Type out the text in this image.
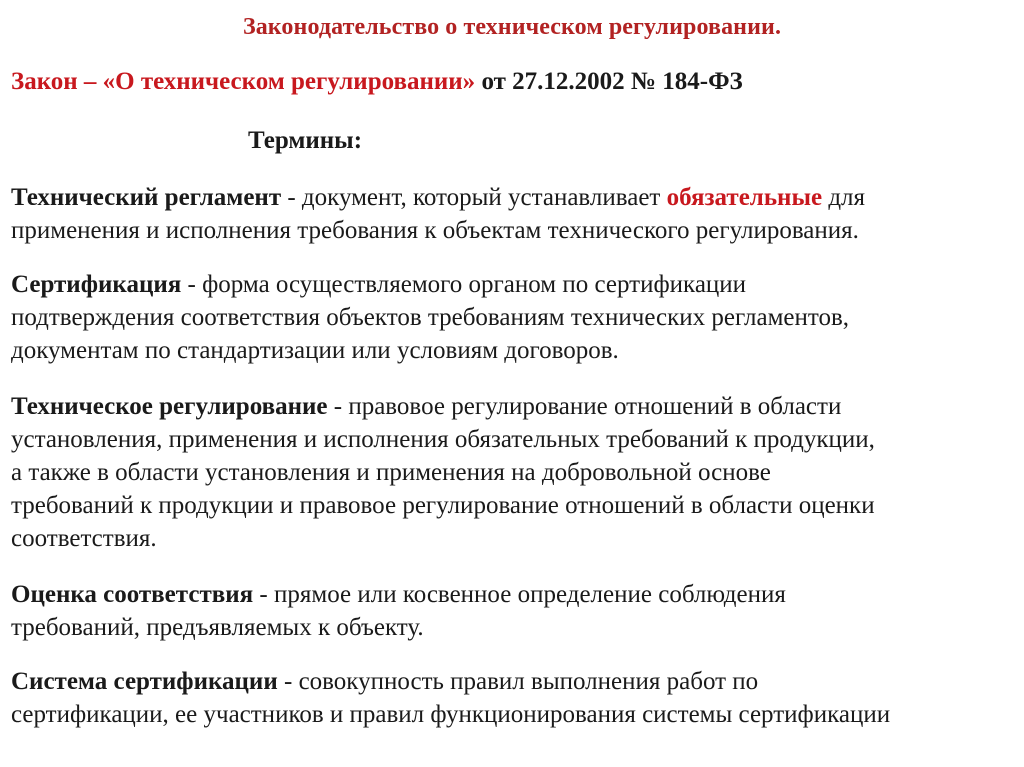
Законодательство о техническом регулировании.
Закон – «О техническом регулировании» от 27.12.2002 № 184-ФЗ
Термины:
Технический регламент - документ, который устанавливает обязательные для
применения и исполнения требования к объектам технического регулирования.
Сертификация - форма осуществляемого органом по сертификации
подтверждения соответствия объектов требованиям технических регламентов,
документам по стандартизации или условиям договоров.
Техническое регулирование - правовое регулирование отношений в области
установления, применения и исполнения обязательных требований к продукции,
а также в области установления и применения на добровольной основе
требований к продукции и правовое регулирование отношений в области оценки
соответствия.
Оценка соответствия - прямое или косвенное определение соблюдения
требований, предъявляемых к объекту.
Система сертификации - совокупность правил выполнения работ по
сертификации, ее участников и правил функционирования системы сертификации
